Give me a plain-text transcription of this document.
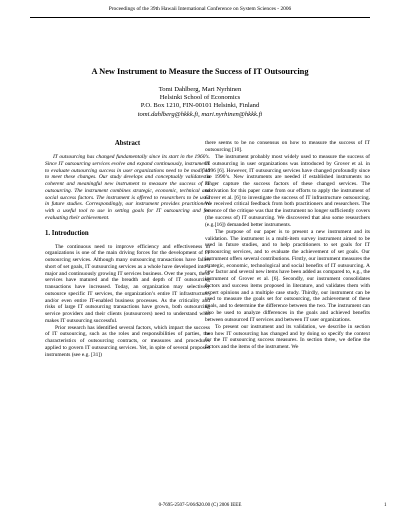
Proceedings of the 39th Hawaii International Conference on System Sciences - 2006
A New Instrument to Measure the Success of IT Outsourcing
Tomi Dahlberg, Mari Nyrhinen
Helsinki School of Economics
P.O. Box 1210, FIN-00101 Helsinki, Finland
tomi.dahlberg@hkkk.fi, mari.nyrhinen@hkkk.fi
Abstract

IT outsourcing has changed fundamentally since its start in the 1960’s. Since IT outsourcing services evolve and expand continuously, instruments to evaluate outsourcing success in user organizations need to be modified to meet these changes. Our study develops and conceptually validates a coherent and meaningful new instrument to measure the success of IT outsourcing. The instrument combines strategic, economic, technical and social success factors. The instrument is offered to researchers to be used in future studies. Correspondingly, our instrument provides practitioners with a useful tool to use in setting goals for IT outsourcing and for evaluating their achievement.

1. Introduction

The continuous need to improve efficiency and effectiveness in organizations is one of the main driving forces for the development of IT outsourcing services. Although many outsourcing transactions have fallen short of set goals, IT outsourcing services as a whole have developed into a major and continuously growing IT services business. Over the years, these services have matured and the breadth and depth of IT outsourcing transactions have increased. Today, an organization may selectively outsource specific IT services, the organization’s entire IT infrastructure, and/or even entire IT-enabled business processes. As the criticality and risks of large IT outsourcing transactions have grown, both outsourcing service providers and their clients (outsourcers) need to understand what makes IT outsourcing successful.

Prior research has identified several factors, which impact the success of IT outsourcing, such as the roles and responsibilities of parties, the characteristics of outsourcing contracts, or measures and procedures applied to govern IT outsourcing services. Yet, in spite of several proposed instruments (see e.g. [31])

there seems to be no consensus on how to measure the success of IT outsourcing [10].

The instrument probably most widely used to measure the success of IT outsourcing in user organizations was introduced by Grover et al. in 1996 [6]. However, IT outsourcing services have changed profoundly since the 1990’s. New instruments are needed if established instruments no longer capture the success factors of these changed services. The motivation for this paper came from our efforts to apply the instrument of Grover et al. [6] to investigate the success of IT infrastructure outsourcing. We received critical feedback from both practitioners and researchers. The essence of the critique was that the instrument no longer sufficiently covers (the success of) IT outsourcing. We discovered that also some researchers (e.g.[16]) demanded better instruments.

The purpose of our paper is to present a new instrument and its validation. The instrument is a multi-item survey instrument aimed to be used in future studies, and to help practitioners to set goals for IT outsourcing services, and to evaluate the achievement of set goals. Our instrument offers several contributions. Firstly, our instrument measures the strategic, economic, technological and social benefits of IT outsourcing. A new factor and several new items have been added as compared to, e.g., the instrument of Grover et al. [6]. Secondly, our instrument consolidates factors and success items proposed in literature, and validates them with expert opinions and a multiple case study. Thirdly, our instrument can be used to measure the goals set for outsourcing, the achievement of these goals, and to determine the difference between the two. The instrument can also be used to analyze differences in the goals and achieved benefits between outsourced IT services and between IT user organizations.

To present our instrument and its validation, we describe in section two how IT outsourcing has changed and by doing so specify the context for the IT outsourcing success measures. In section three, we define the factors and the items of the instrument. We

0-7695-2507-5/06/$20.00 (C) 2006 IEEE	1
